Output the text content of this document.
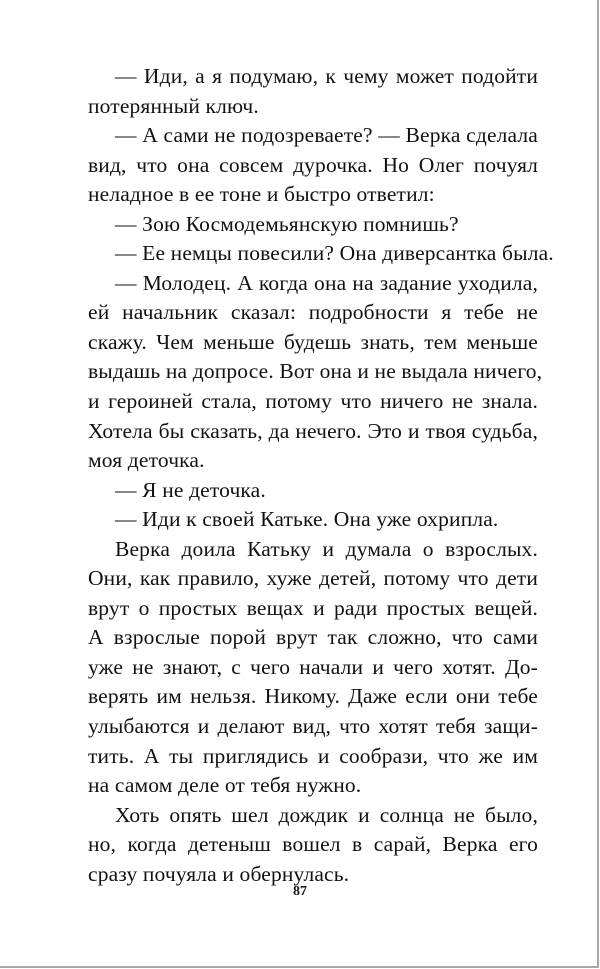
— Иди, а я подумаю, к чему может подойти
потерянный ключ.
— А сами не подозреваете? — Верка сделала
вид, что она совсем дурочка. Но Олег почуял
неладное в ее тоне и быстро ответил:
— Зою Космодемьянскую помнишь?
— Ее немцы повесили? Она диверсантка была.
— Молодец. А когда она на задание уходила,
ей начальник сказал: подробности я тебе не
скажу. Чем меньше будешь знать, тем меньше
выдашь на допросе. Вот она и не выдала ничего,
и героиней стала, потому что ничего не знала.
Хотела бы сказать, да нечего. Это и твоя судьба,
моя деточка.
— Я не деточка.
— Иди к своей Катьке. Она уже охрипла.
Верка доила Катьку и думала о взрослых.
Они, как правило, хуже детей, потому что дети
врут о простых вещах и ради простых вещей.
А взрослые порой врут так сложно, что сами
уже не знают, с чего начали и чего хотят. До-
верять им нельзя. Никому. Даже если они тебе
улыбаются и делают вид, что хотят тебя защи-
тить. А ты приглядись и сообрази, что же им
на самом деле от тебя нужно.
Хоть опять шел дождик и солнца не было,
но, когда детеныш вошел в сарай, Верка его
сразу почуяла и обернулась.
87
